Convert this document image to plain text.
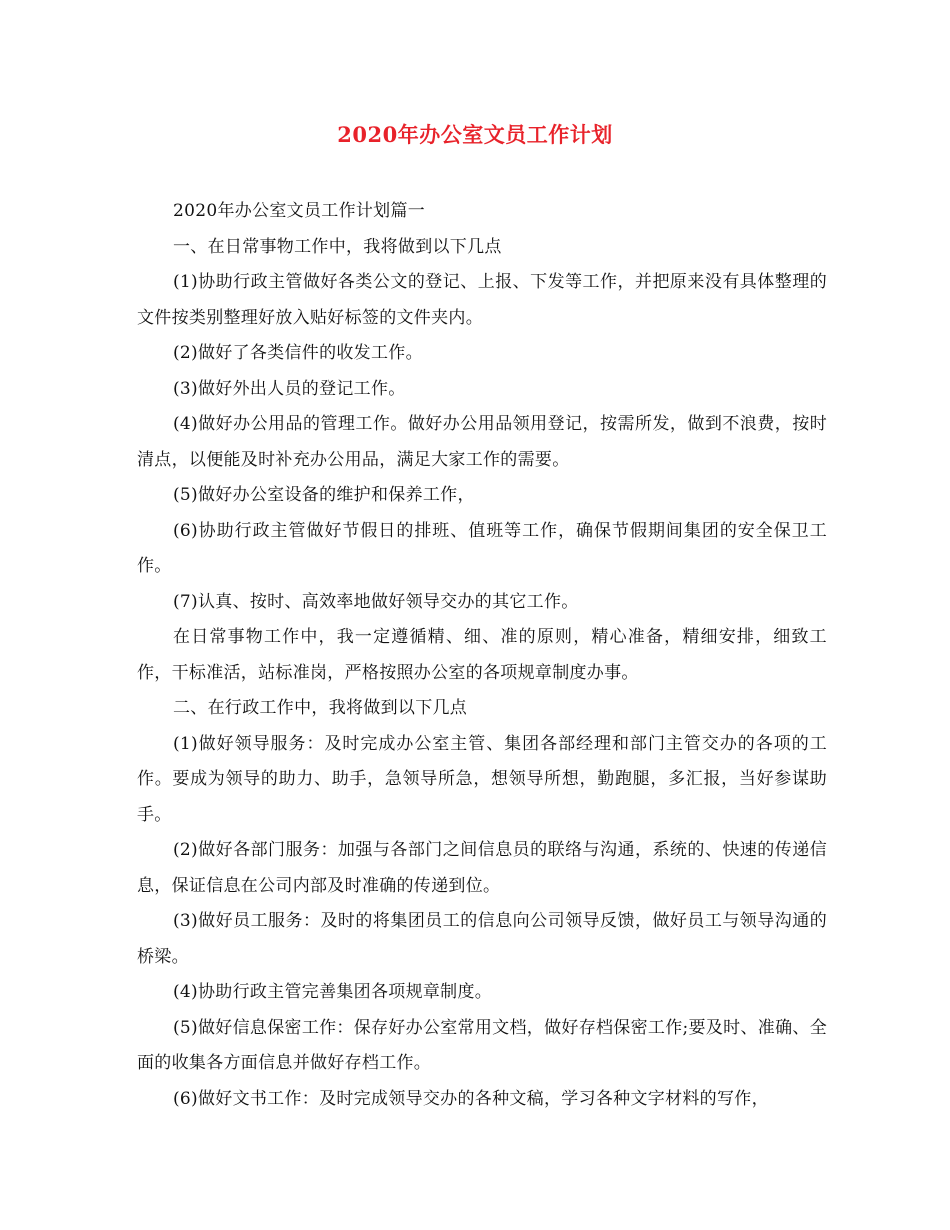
2020年办公室文员工作计划

2020年办公室文员工作计划篇一

一、在日常事物工作中，我将做到以下几点

(1)协助行政主管做好各类公文的登记、上报、下发等工作，并把原来没有具体整理的文件按类别整理好放入贴好标签的文件夹内。

(2)做好了各类信件的收发工作。

(3)做好外出人员的登记工作。

(4)做好办公用品的管理工作。做好办公用品领用登记，按需所发，做到不浪费，按时清点，以便能及时补充办公用品，满足大家工作的需要。

(5)做好办公室设备的维护和保养工作，

(6)协助行政主管做好节假日的排班、值班等工作，确保节假期间集团的安全保卫工作。

(7)认真、按时、高效率地做好领导交办的其它工作。

在日常事物工作中，我一定遵循精、细、准的原则，精心准备，精细安排，细致工作，干标准活，站标准岗，严格按照办公室的各项规章制度办事。

二、在行政工作中，我将做到以下几点

(1)做好领导服务：及时完成办公室主管、集团各部经理和部门主管交办的各项的工作。要成为领导的助力、助手，急领导所急，想领导所想，勤跑腿，多汇报，当好参谋助手。

(2)做好各部门服务：加强与各部门之间信息员的联络与沟通，系统的、快速的传递信息，保证信息在公司内部及时准确的传递到位。

(3)做好员工服务：及时的将集团员工的信息向公司领导反馈，做好员工与领导沟通的桥梁。

(4)协助行政主管完善集团各项规章制度。

(5)做好信息保密工作：保存好办公室常用文档，做好存档保密工作;要及时、准确、全面的收集各方面信息并做好存档工作。

(6)做好文书工作：及时完成领导交办的各种文稿，学习各种文字材料的写作，
